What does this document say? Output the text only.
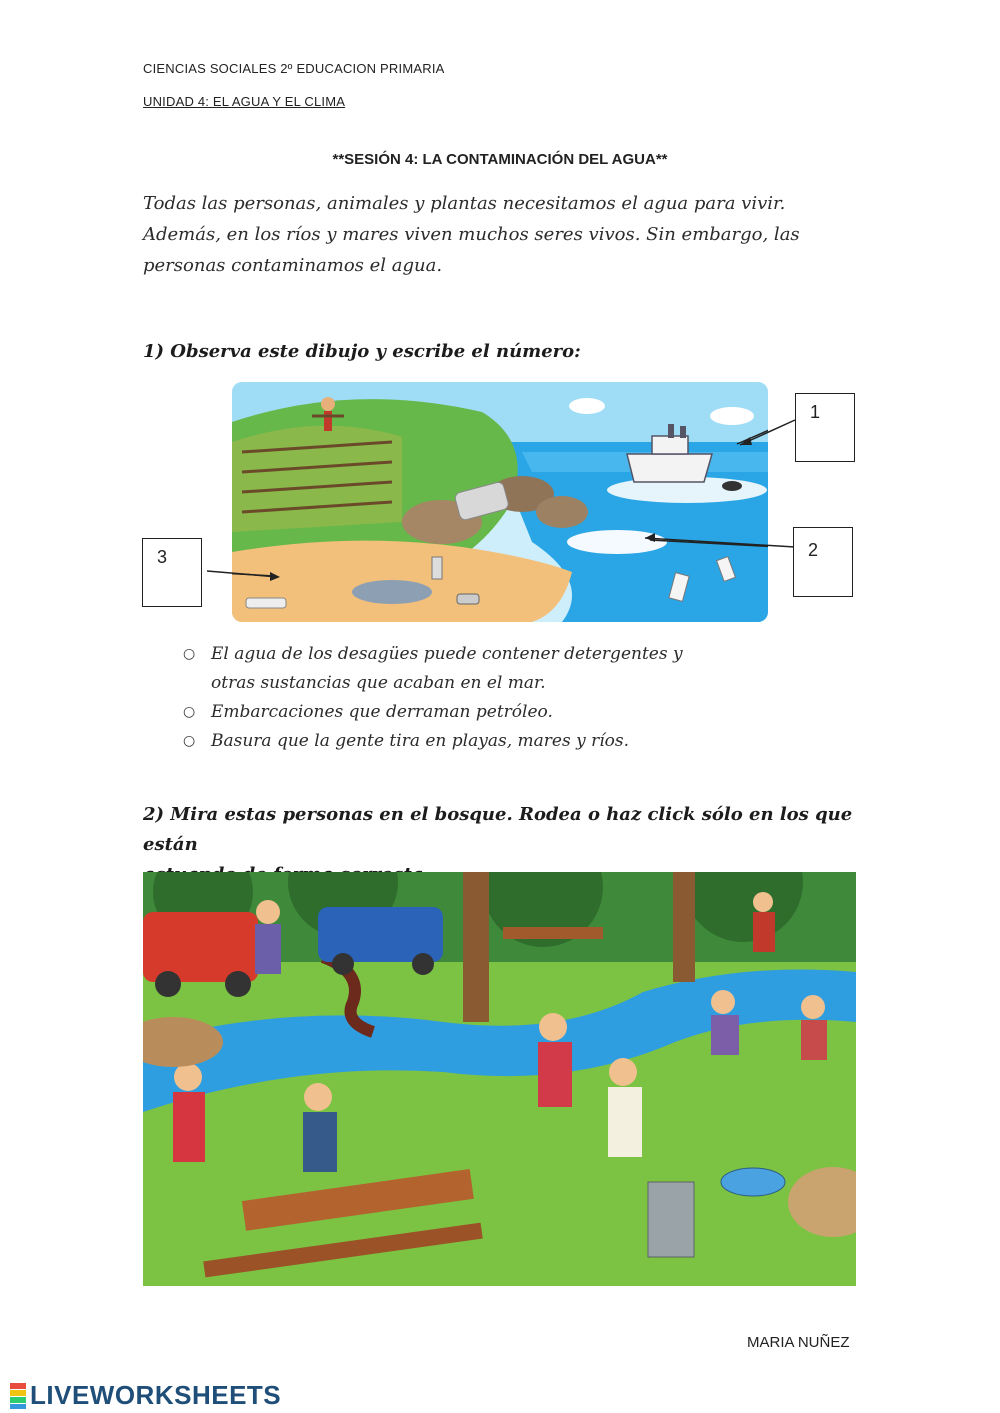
CIENCIAS SOCIALES 2º EDUCACION PRIMARIA
UNIDAD 4: EL AGUA Y EL CLIMA
**SESIÓN 4: LA CONTAMINACIÓN DEL AGUA**
Todas las personas, animales y plantas necesitamos el agua para vivir.
Además, en los ríos y mares viven muchos seres vivos. Sin embargo, las
personas contaminamos el agua.
1) Observa este dibujo y escribe el número:
1
2
3
○ El agua de los desagües puede contener detergentes y
otras sustancias que acaban en el mar.
○ Embarcaciones que derraman petróleo.
○ Basura que la gente tira en playas, mares y ríos.
2) Mira estas personas en el bosque. Rodea o haz click sólo en los que están
MARIA NUÑEZ
LIVEWORKSHEETS
